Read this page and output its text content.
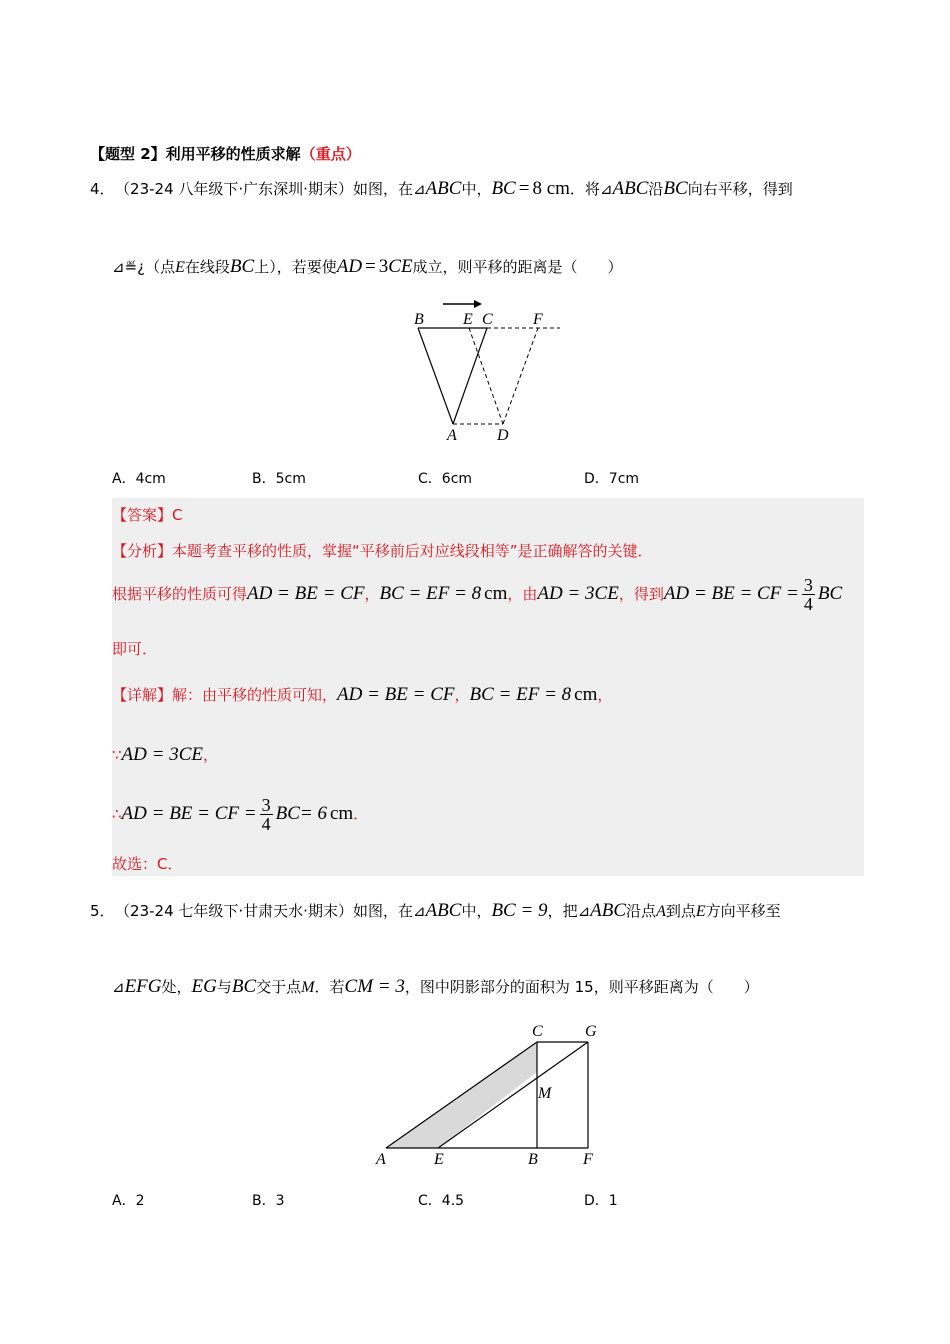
【题型 2】利用平移的性质求解（重点）
4． （23-24 八年级下·广东深圳·期末）如图，在⊿ABC中，BC = 8 cm．将⊿ABC沿BC向右平移，得到
⊿≝¿（点E在线段BC上），若要使AD = 3CE成立，则平移的距离是（　　）
B E C	F
A	D
A．4cm	B．5cm	C．6cm	D．7cm
【答案】C
【分析】本题考查平移的性质，掌握“平移前后对应线段相等”是正确解答的关键．
根据平移的性质可得AD = BE = CF，BC = EF = 8 cm，由AD = 3CE，得到AD = BE = CF = $\frac{3}{4}$ BC
即可．
【详解】解：由平移的性质可知，AD = BE = CF，BC = EF = 8 cm，
∵AD = 3CE，
∴AD = BE = CF = $\frac{3}{4} BC= 6$ cm．
故选：C．
5． （23-24 七年级下·甘肃天水·期末）如图，在⊿ABC中，BC = 9，把⊿ABC沿点A到点E方向平移至
⊿EFG处，EG与BC交于点M．若CM = 3，图中阴影部分的面积为 15，则平移距离为（　　）
C	G
M
A	E	B	F
A．2	B．3	C．4.5	D．1
